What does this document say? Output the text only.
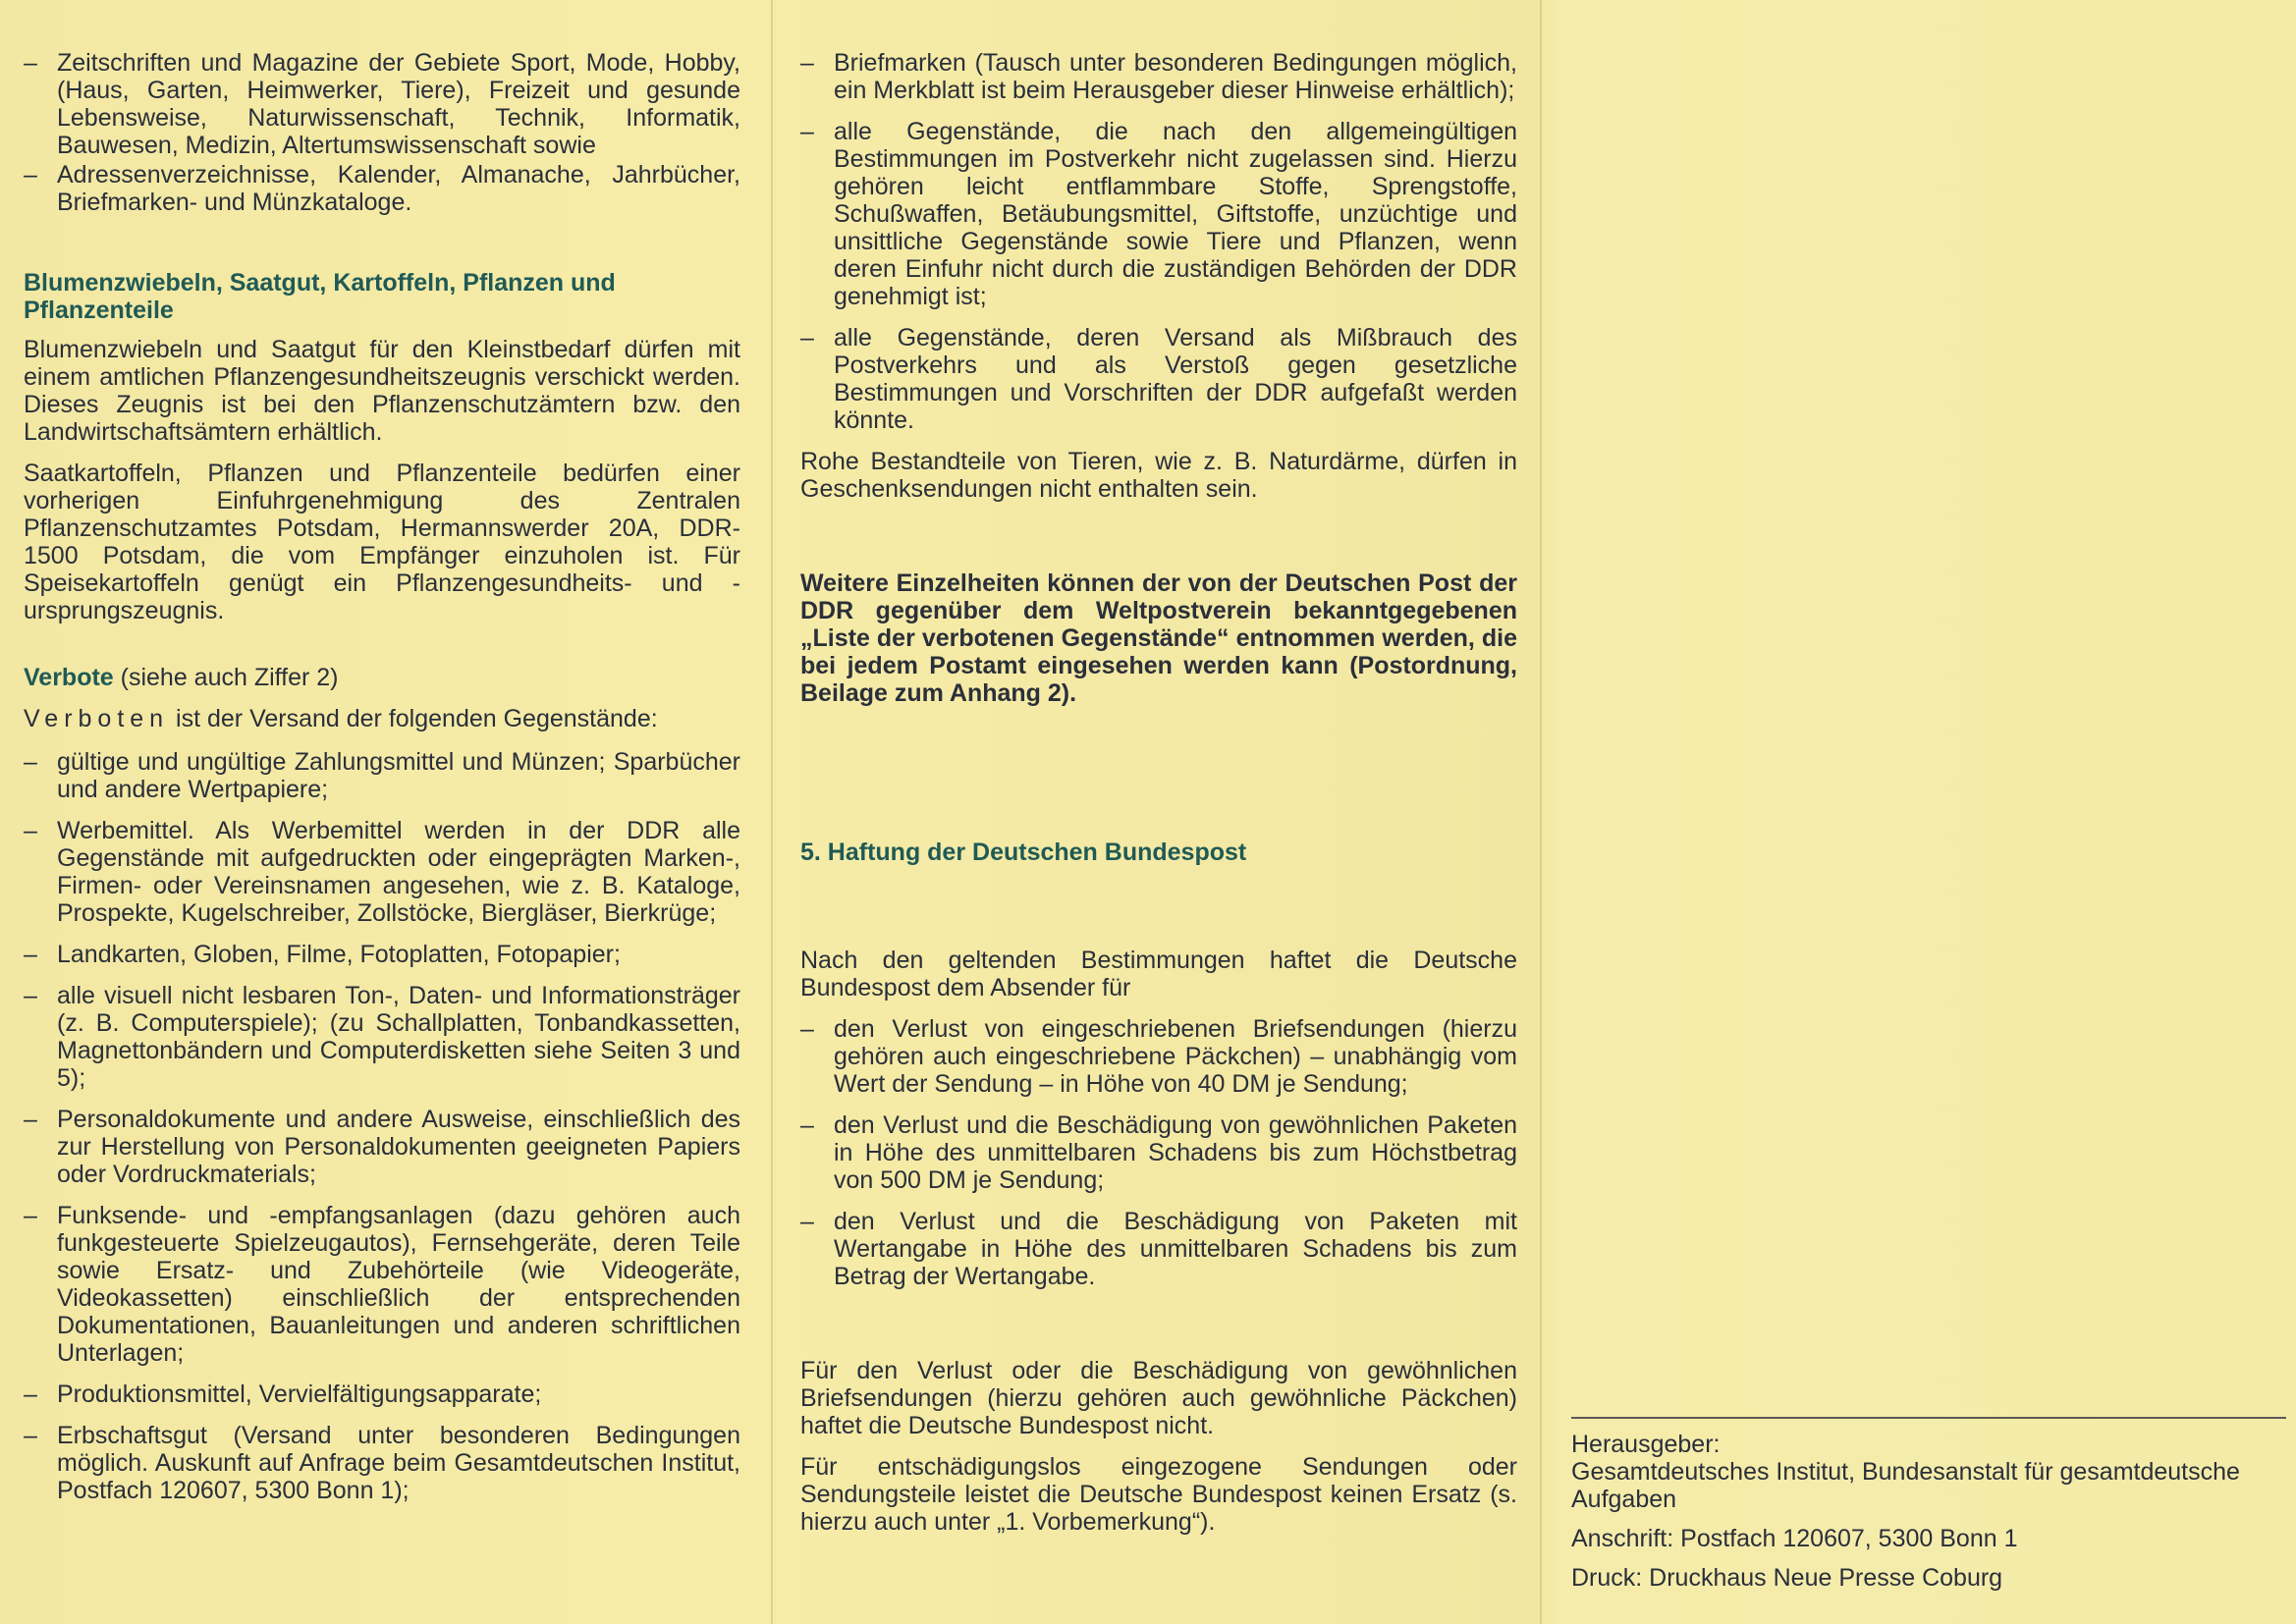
– Zeitschriften und Magazine der Gebiete Sport, Mode, Hobby, (Haus, Garten, Heimwerker, Tiere), Freizeit und gesunde Lebensweise, Naturwissenschaft, Technik, Informatik, Bauwesen, Medizin, Altertumswissenschaft sowie
– Adressenverzeichnisse, Kalender, Almanache, Jahrbücher, Briefmarken- und Münzkataloge.
Blumenzwiebeln, Saatgut, Kartoffeln, Pflanzen und Pflanzenteile

Blumenzwiebeln und Saatgut für den Kleinstbedarf dürfen mit einem amtlichen Pflanzengesundheitszeugnis verschickt werden. Dieses Zeugnis ist bei den Pflanzenschutzämtern bzw. den Landwirtschaftsämtern erhältlich.

Saatkartoffeln, Pflanzen und Pflanzenteile bedürfen einer vorherigen Einfuhrgenehmigung des Zentralen Pflanzenschutzamtes Potsdam, Hermannswerder 20A, DDR-1500 Potsdam, die vom Empfänger einzuholen ist. Für Speisekartoffeln genügt ein Pflanzengesundheits- und -ursprungszeugnis.

Verbote (siehe auch Ziffer 2)

Verboten ist der Versand der folgenden Gegenstände:

– gültige und ungültige Zahlungsmittel und Münzen; Sparbücher und andere Wertpapiere;
– Werbemittel. Als Werbemittel werden in der DDR alle Gegenstände mit aufgedruckten oder eingeprägten Marken-, Firmen- oder Vereinsnamen angesehen, wie z. B. Kataloge, Prospekte, Kugelschreiber, Zollstöcke, Biergläser, Bierkrüge;
– Landkarten, Globen, Filme, Fotoplatten, Fotopapier;
– alle visuell nicht lesbaren Ton-, Daten- und Informationsträger (z. B. Computerspiele); (zu Schallplatten, Tonbandkassetten, Magnettonbändern und Computerdisketten siehe Seiten 3 und 5);
– Personaldokumente und andere Ausweise, einschließlich des zur Herstellung von Personaldokumenten geeigneten Papiers oder Vordruckmaterials;
– Funksende- und -empfangsanlagen (dazu gehören auch funkgesteuerte Spielzeugautos), Fernsehgeräte, deren Teile sowie Ersatz- und Zubehörteile (wie Videogeräte, Videokassetten) einschließlich der entsprechenden Dokumentationen, Bauanleitungen und anderen schriftlichen Unterlagen;
– Produktionsmittel, Vervielfältigungsapparate;
– Erbschaftsgut (Versand unter besonderen Bedingungen möglich. Auskunft auf Anfrage beim Gesamtdeutschen Institut, Postfach 120607, 5300 Bonn 1);
– Briefmarken (Tausch unter besonderen Bedingungen möglich, ein Merkblatt ist beim Herausgeber dieser Hinweise erhältlich);
– alle Gegenstände, die nach den allgemeingültigen Bestimmungen im Postverkehr nicht zugelassen sind. Hierzu gehören leicht entflammbare Stoffe, Sprengstoffe, Schußwaffen, Betäubungsmittel, Giftstoffe, unzüchtige und unsittliche Gegenstände sowie Tiere und Pflanzen, wenn deren Einfuhr nicht durch die zuständigen Behörden der DDR genehmigt ist;
– alle Gegenstände, deren Versand als Mißbrauch des Postverkehrs und als Verstoß gegen gesetzliche Bestimmungen und Vorschriften der DDR aufgefaßt werden könnte.

Rohe Bestandteile von Tieren, wie z. B. Naturdärme, dürfen in Geschenksendungen nicht enthalten sein.

Weitere Einzelheiten können der von der Deutschen Post der DDR gegenüber dem Weltpostverein bekanntgegebenen „Liste der verbotenen Gegenstände“ entnommen werden, die bei jedem Postamt eingesehen werden kann (Postordnung, Beilage zum Anhang 2).

5. Haftung der Deutschen Bundespost

Nach den geltenden Bestimmungen haftet die Deutsche Bundespost dem Absender für

– den Verlust von eingeschriebenen Briefsendungen (hierzu gehören auch eingeschriebene Päckchen) – unabhängig vom Wert der Sendung – in Höhe von 40 DM je Sendung;
– den Verlust und die Beschädigung von gewöhnlichen Paketen in Höhe des unmittelbaren Schadens bis zum Höchstbetrag von 500 DM je Sendung;
– den Verlust und die Beschädigung von Paketen mit Wertangabe in Höhe des unmittelbaren Schadens bis zum Betrag der Wertangabe.

Für den Verlust oder die Beschädigung von gewöhnlichen Briefsendungen (hierzu gehören auch gewöhnliche Päckchen) haftet die Deutsche Bundespost nicht.

Für entschädigungslos eingezogene Sendungen oder Sendungsteile leistet die Deutsche Bundespost keinen Ersatz (s. hierzu auch unter „1. Vorbemerkung“).

Herausgeber:

Gesamtdeutsches Institut, Bundesanstalt für gesamtdeutsche Aufgaben

Anschrift: Postfach 120607, 5300 Bonn 1

Druck: Druckhaus Neue Presse Coburg
